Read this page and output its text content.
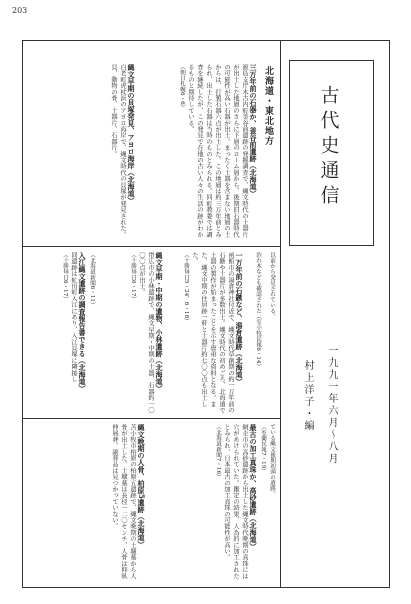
203
古代史通信
北海道・東北地方

三万年前の石器か、釜谷前遺跡（北海道）

渡島支庁木古内町釜谷前遺跡の発掘調査で、縄文時代の土器片が出土した地層のさらに下層のローム層から、後期旧石器時代の可能性が高い石器が出土。まったく土器を含まない地層の土からは、打製石器六点が出土した。この地層は約三万年前とみられ、出土した石器は当時のものとみられる。同町教委では調査を継続したが、この発見で在地の古い人々の生活の跡がわかるものと期待している。

（朝日札幌6・6）

縄文早期の貝塚発見、アヨロ海岸（北海道）

白老町虎杖浜のアヨロ海岸で、縄文時代の貝塚が発見された。貝、動物の骨、土器片、石器片。

以前から発見されている。

渋れ木なども確認された（室小牧民報6・14）

一万年前の石鏃など、湯倉遺跡（北海道）

函館市の湯倉神社付近で、縄文時代草創期の約一万年前の石鏃や土器片が多数出土。縄文時代の初めごろ、北海道で土器の製作が始まったことを示す貴重な資料となる。また、縄文中期の住居跡一軒と土器片約七〇〇点も出土した。

（十勝毎日5・24、6・18）

縄文早期・中期の遺物、小林遺跡（北海道）

帯広市の小林遺跡で、縄文早期・中期の土器、石器約一〇〇〇点が出土。

（十勝毎日6・17）

（北海道新聞6・11）

入江縄文遺跡の調査報告書できる（北海道）

同遺跡は虻田町入江にあり、入江貝塚に隣接し

（十勝毎日6・17）

ている縄文後期初頭の遺跡。

（室蘭民報7・19）

最古の加工真珠か、高砂遺跡（北海道）

網走市の高砂遺跡から出土した縄文時代晩期の真珠には穴があけられていた。鑑定の結果、人為的に加工されたとみられ、日本最古の加工真珠の可能性が高い。

（北海道新聞7・16）

縄文晩期の人骨、柏原5遺跡（北海道）

苫小牧市柏原の柏原五遺跡で、縄文晩期の土壙墓から人骨が出土した。土壙墓は長径一二〇センチ、人骨は仰臥伸展葬。副葬品は見つかっていない。

一九九一年六月〜八月
村上洋子・編
